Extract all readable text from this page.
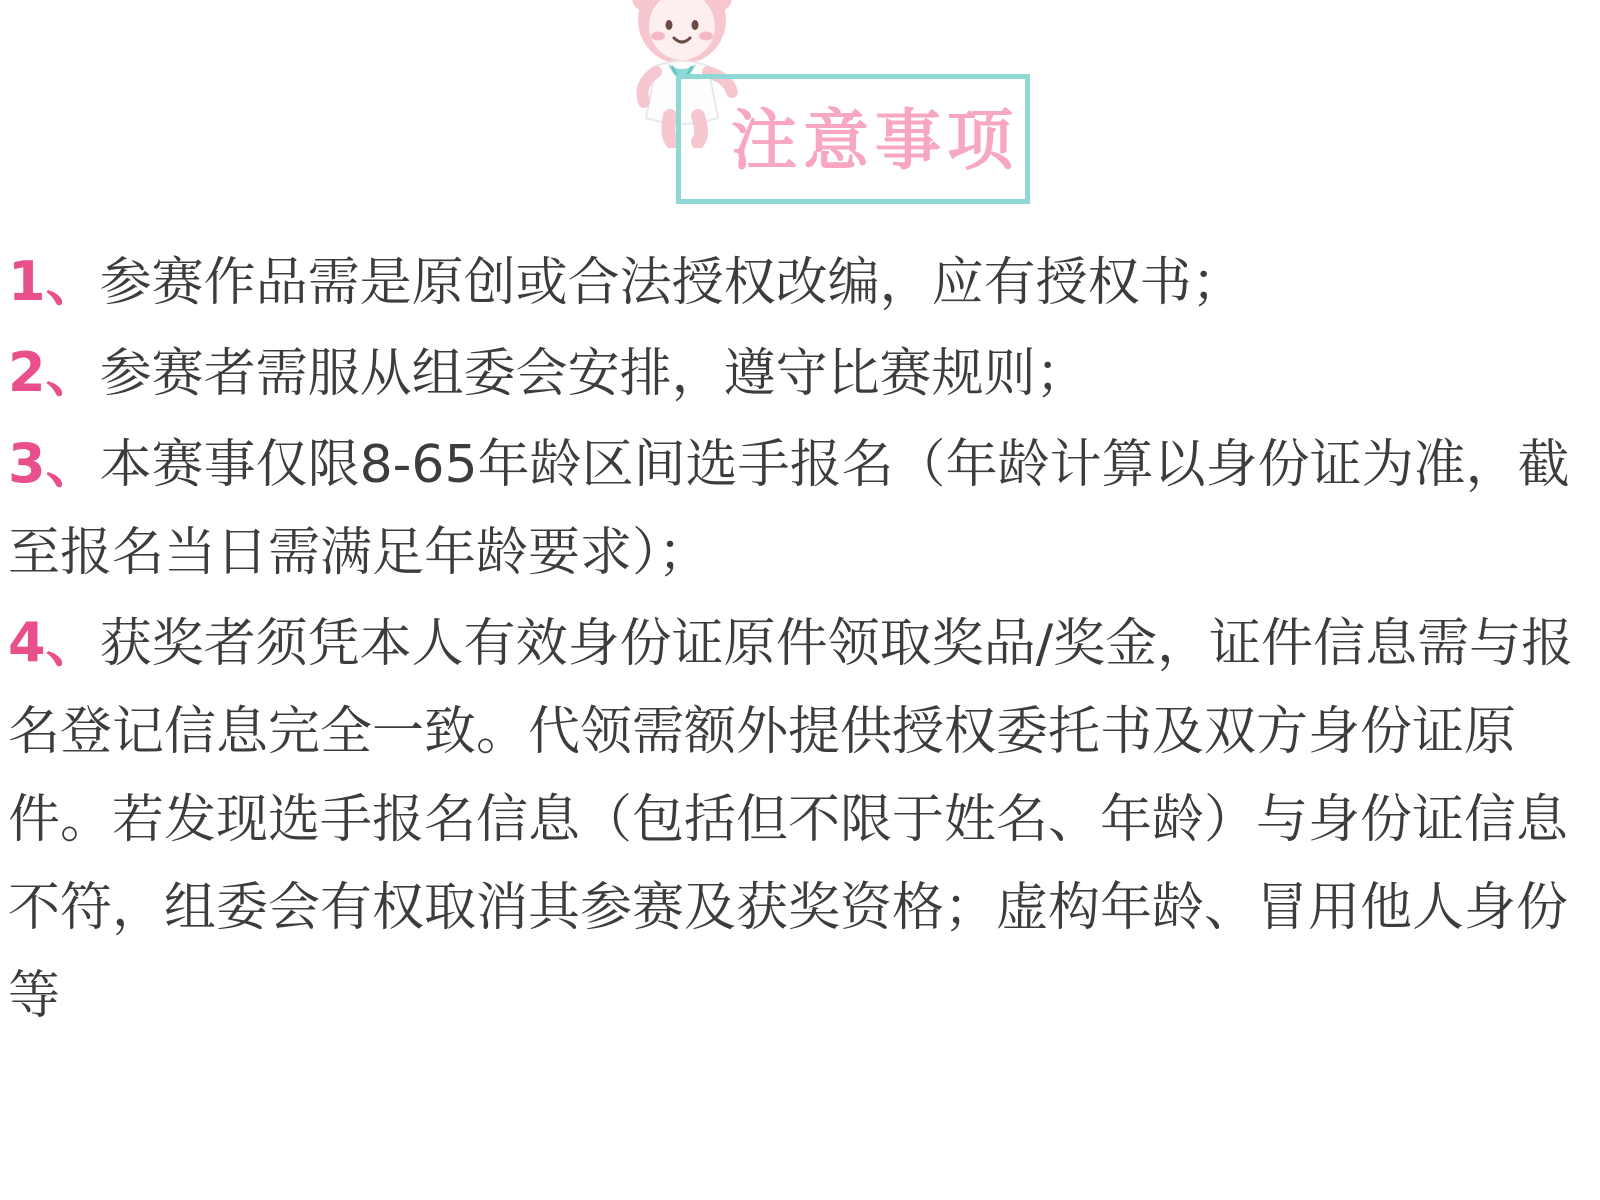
注意事项

1、参赛作品需是原创或合法授权改编，应有授权书；

2、参赛者需服从组委会安排，遵守比赛规则；

3、本赛事仅限8-65年龄区间选手报名（年龄计算以身份证为准，截至报名当日需满足年龄要求）；

4、获奖者须凭本人有效身份证原件领取奖品/奖金，证件信息需与报名登记信息完全一致。代领需额外提供授权委托书及双方身份证原件。若发现选手报名信息（包括但不限于姓名、年龄）与身份证信息不符，组委会有权取消其参赛及获奖资格；虚构年龄、冒用他人身份等
